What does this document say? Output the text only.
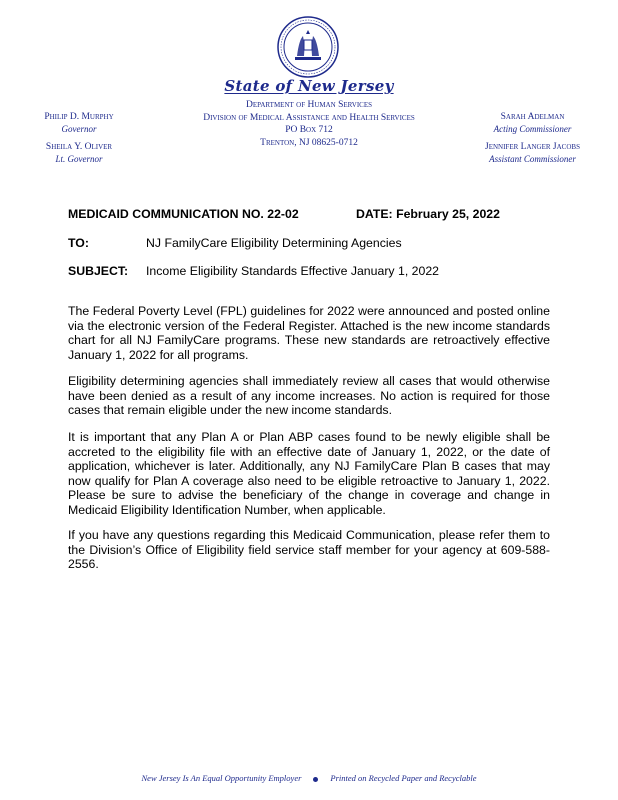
State of New Jersey
Philip D. Murphy
Governor
Sheila Y. Oliver
Lt. Governor
Department of Human Services
Division of Medical Assistance and Health Services
PO Box 712
Trenton, NJ 08625-0712
Sarah Adelman
Acting Commissioner
Jennifer Langer Jacobs
Assistant Commissioner
MEDICAID COMMUNICATION NO. 22-02	DATE: February 25, 2022
TO:	NJ FamilyCare Eligibility Determining Agencies
SUBJECT: Income Eligibility Standards Effective January 1, 2022
The Federal Poverty Level (FPL) guidelines for 2022 were announced and posted online via the electronic version of the Federal Register. Attached is the new income standards chart for all NJ FamilyCare programs. These new standards are retroactively effective January 1, 2022 for all programs.
Eligibility determining agencies shall immediately review all cases that would otherwise have been denied as a result of any income increases. No action is required for those cases that remain eligible under the new income standards.
It is important that any Plan A or Plan ABP cases found to be newly eligible shall be accreted to the eligibility file with an effective date of January 1, 2022, or the date of application, whichever is later. Additionally, any NJ FamilyCare Plan B cases that may now qualify for Plan A coverage also need to be eligible retroactive to January 1, 2022. Please be sure to advise the beneficiary of the change in coverage and change in Medicaid Eligibility Identification Number, when applicable.
If you have any questions regarding this Medicaid Communication, please refer them to the Division’s Office of Eligibility field service staff member for your agency at 609-588-2556.
New Jersey Is An Equal Opportunity Employer	Printed on Recycled Paper and Recyclable
